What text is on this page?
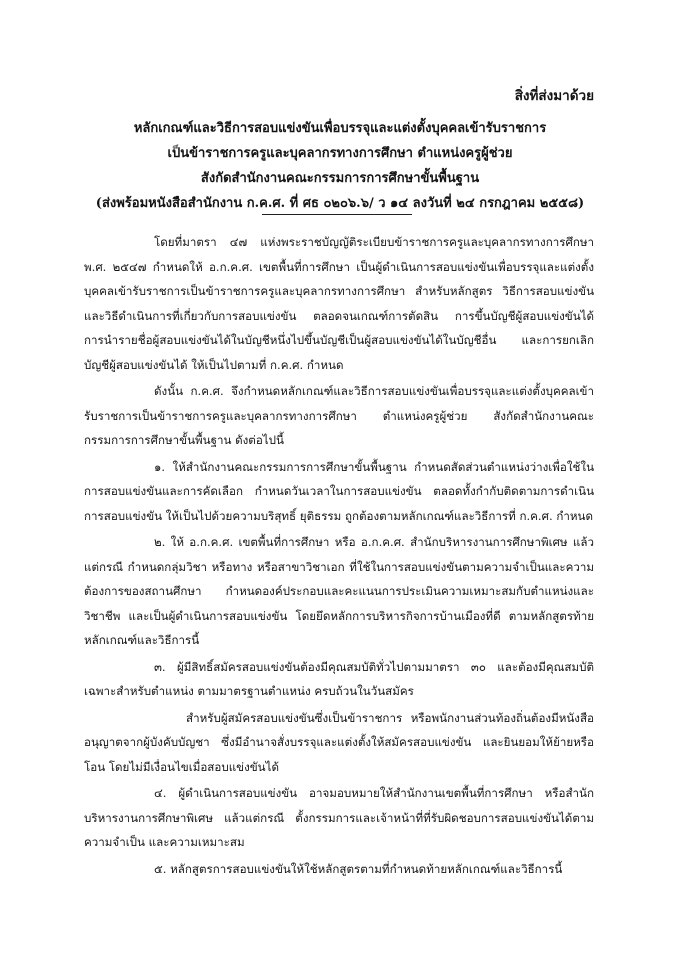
สิ่งที่ส่งมาด้วย
หลักเกณฑ์และวิธีการสอบแข่งขันเพื่อบรรจุและแต่งตั้งบุคคลเข้ารับราชการ
เป็นข้าราชการครูและบุคลากรทางการศึกษา ตำแหน่งครูผู้ช่วย
สังกัดสำนักงานคณะกรรมการการศึกษาขั้นพื้นฐาน
(ส่งพร้อมหนังสือสำนักงาน ก.ค.ศ. ที่ ศธ ๐๒๐๖.๖/ ว ๑๔ ลงวันที่ ๒๔ กรกฎาคม ๒๕๕๘)

โดยที่มาตรา ๔๗ แห่งพระราชบัญญัติระเบียบข้าราชการครูและบุคลากรทางการศึกษา พ.ศ. ๒๕๔๗ กำหนดให้ อ.ก.ค.ศ. เขตพื้นที่การศึกษา เป็นผู้ดำเนินการสอบแข่งขันเพื่อบรรจุและแต่งตั้งบุคคลเข้ารับราชการเป็นข้าราชการครูและบุคลากรทางการศึกษา สำหรับหลักสูตร วิธีการสอบแข่งขัน และวิธีดำเนินการที่เกี่ยวกับการสอบแข่งขัน ตลอดจนเกณฑ์การตัดสิน การขึ้นบัญชีผู้สอบแข่งขันได้ การนำรายชื่อผู้สอบแข่งขันได้ในบัญชีหนึ่งไปขึ้นบัญชีเป็นผู้สอบแข่งขันได้ในบัญชีอื่น และการยกเลิกบัญชีผู้สอบแข่งขันได้ ให้เป็นไปตามที่ ก.ค.ศ. กำหนด

ดังนั้น ก.ค.ศ. จึงกำหนดหลักเกณฑ์และวิธีการสอบแข่งขันเพื่อบรรจุและแต่งตั้งบุคคลเข้ารับราชการเป็นข้าราชการครูและบุคลากรทางการศึกษา ตำแหน่งครูผู้ช่วย สังกัดสำนักงานคณะกรรมการการศึกษาขั้นพื้นฐาน ดังต่อไปนี้

๑. ให้สำนักงานคณะกรรมการการศึกษาขั้นพื้นฐาน กำหนดสัดส่วนตำแหน่งว่างเพื่อใช้ในการสอบแข่งขันและการคัดเลือก กำหนดวันเวลาในการสอบแข่งขัน ตลอดทั้งกำกับติดตามการดำเนินการสอบแข่งขัน ให้เป็นไปด้วยความบริสุทธิ์ ยุติธรรม ถูกต้องตามหลักเกณฑ์และวิธีการที่ ก.ค.ศ. กำหนด

๒. ให้ อ.ก.ค.ศ. เขตพื้นที่การศึกษา หรือ อ.ก.ค.ศ. สำนักบริหารงานการศึกษาพิเศษ แล้วแต่กรณี กำหนดกลุ่มวิชา หรือทาง หรือสาขาวิชาเอก ที่ใช้ในการสอบแข่งขันตามความจำเป็นและความต้องการของสถานศึกษา กำหนดองค์ประกอบและคะแนนการประเมินความเหมาะสมกับตำแหน่งและวิชาชีพ และเป็นผู้ดำเนินการสอบแข่งขัน โดยยึดหลักการบริหารกิจการบ้านเมืองที่ดี ตามหลักสูตรท้ายหลักเกณฑ์และวิธีการนี้

๓. ผู้มีสิทธิ์สมัครสอบแข่งขันต้องมีคุณสมบัติทั่วไปตามมาตรา ๓๐ และต้องมีคุณสมบัติเฉพาะสำหรับตำแหน่ง ตามมาตรฐานตำแหน่ง ครบถ้วนในวันสมัคร

สำหรับผู้สมัครสอบแข่งขันซึ่งเป็นข้าราชการ หรือพนักงานส่วนท้องถิ่นต้องมีหนังสืออนุญาตจากผู้บังคับบัญชา ซึ่งมีอำนาจสั่งบรรจุและแต่งตั้งให้สมัครสอบแข่งขัน และยินยอมให้ย้ายหรือโอน โดยไม่มีเงื่อนไขเมื่อสอบแข่งขันได้

๔. ผู้ดำเนินการสอบแข่งขัน อาจมอบหมายให้สำนักงานเขตพื้นที่การศึกษา หรือสำนักบริหารงานการศึกษาพิเศษ แล้วแต่กรณี ตั้งกรรมการและเจ้าหน้าที่ที่รับผิดชอบการสอบแข่งขันได้ตามความจำเป็น และความเหมาะสม

๕. หลักสูตรการสอบแข่งขันให้ใช้หลักสูตรตามที่กำหนดท้ายหลักเกณฑ์และวิธีการนี้
